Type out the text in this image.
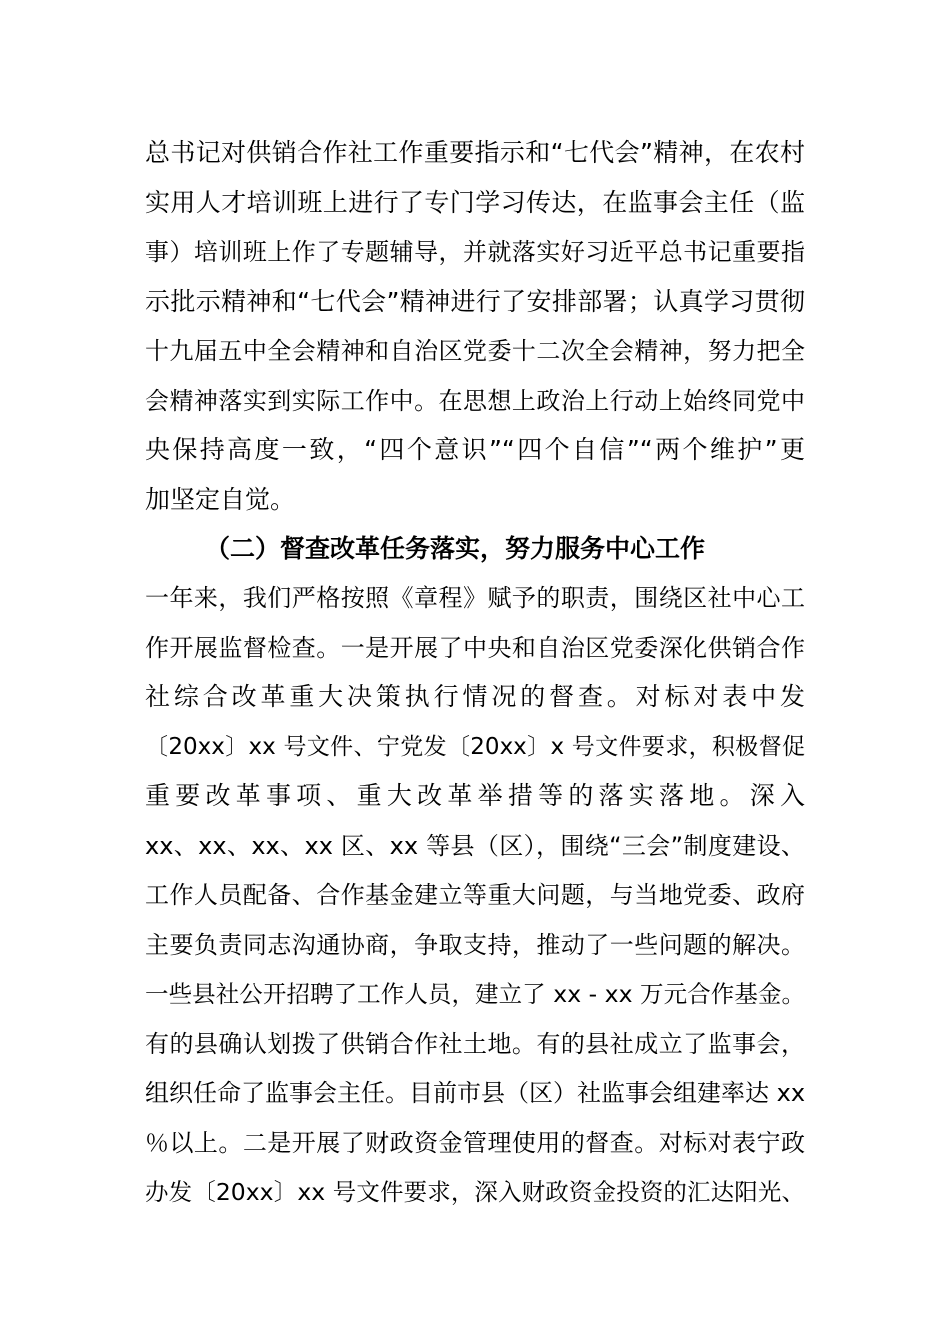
总书记对供销合作社工作重要指示和“七代会”精神，在农村
实用人才培训班上进行了专门学习传达，在监事会主任（监
事）培训班上作了专题辅导，并就落实好习近平总书记重要指
示批示精神和“七代会”精神进行了安排部署；认真学习贯彻
十九届五中全会精神和自治区党委十二次全会精神，努力把全
会精神落实到实际工作中。在思想上政治上行动上始终同党中
央保持高度一致，“四个意识”“四个自信”“两个维护”更
加坚定自觉。
（二）督查改革任务落实，努力服务中心工作
一年来，我们严格按照《章程》赋予的职责，围绕区社中心工
作开展监督检查。一是开展了中央和自治区党委深化供销合作
社综合改革重大决策执行情况的督查。对标对表中发
〔20xx〕xx 号文件、宁党发〔20xx〕x 号文件要求，积极督促
重要改革事项、重大改革举措等的落实落地。深入
xx、xx、xx、xx 区、xx 等县（区），围绕“三会”制度建设、
工作人员配备、合作基金建立等重大问题，与当地党委、政府
主要负责同志沟通协商，争取支持，推动了一些问题的解决。
一些县社公开招聘了工作人员，建立了 xx - xx 万元合作基金。
有的县确认划拨了供销合作社土地。有的县社成立了监事会，
组织任命了监事会主任。目前市县（区）社监事会组建率达 xx
％以上。二是开展了财政资金管理使用的督查。对标对表宁政
办发〔20xx〕xx 号文件要求，深入财政资金投资的汇达阳光、
